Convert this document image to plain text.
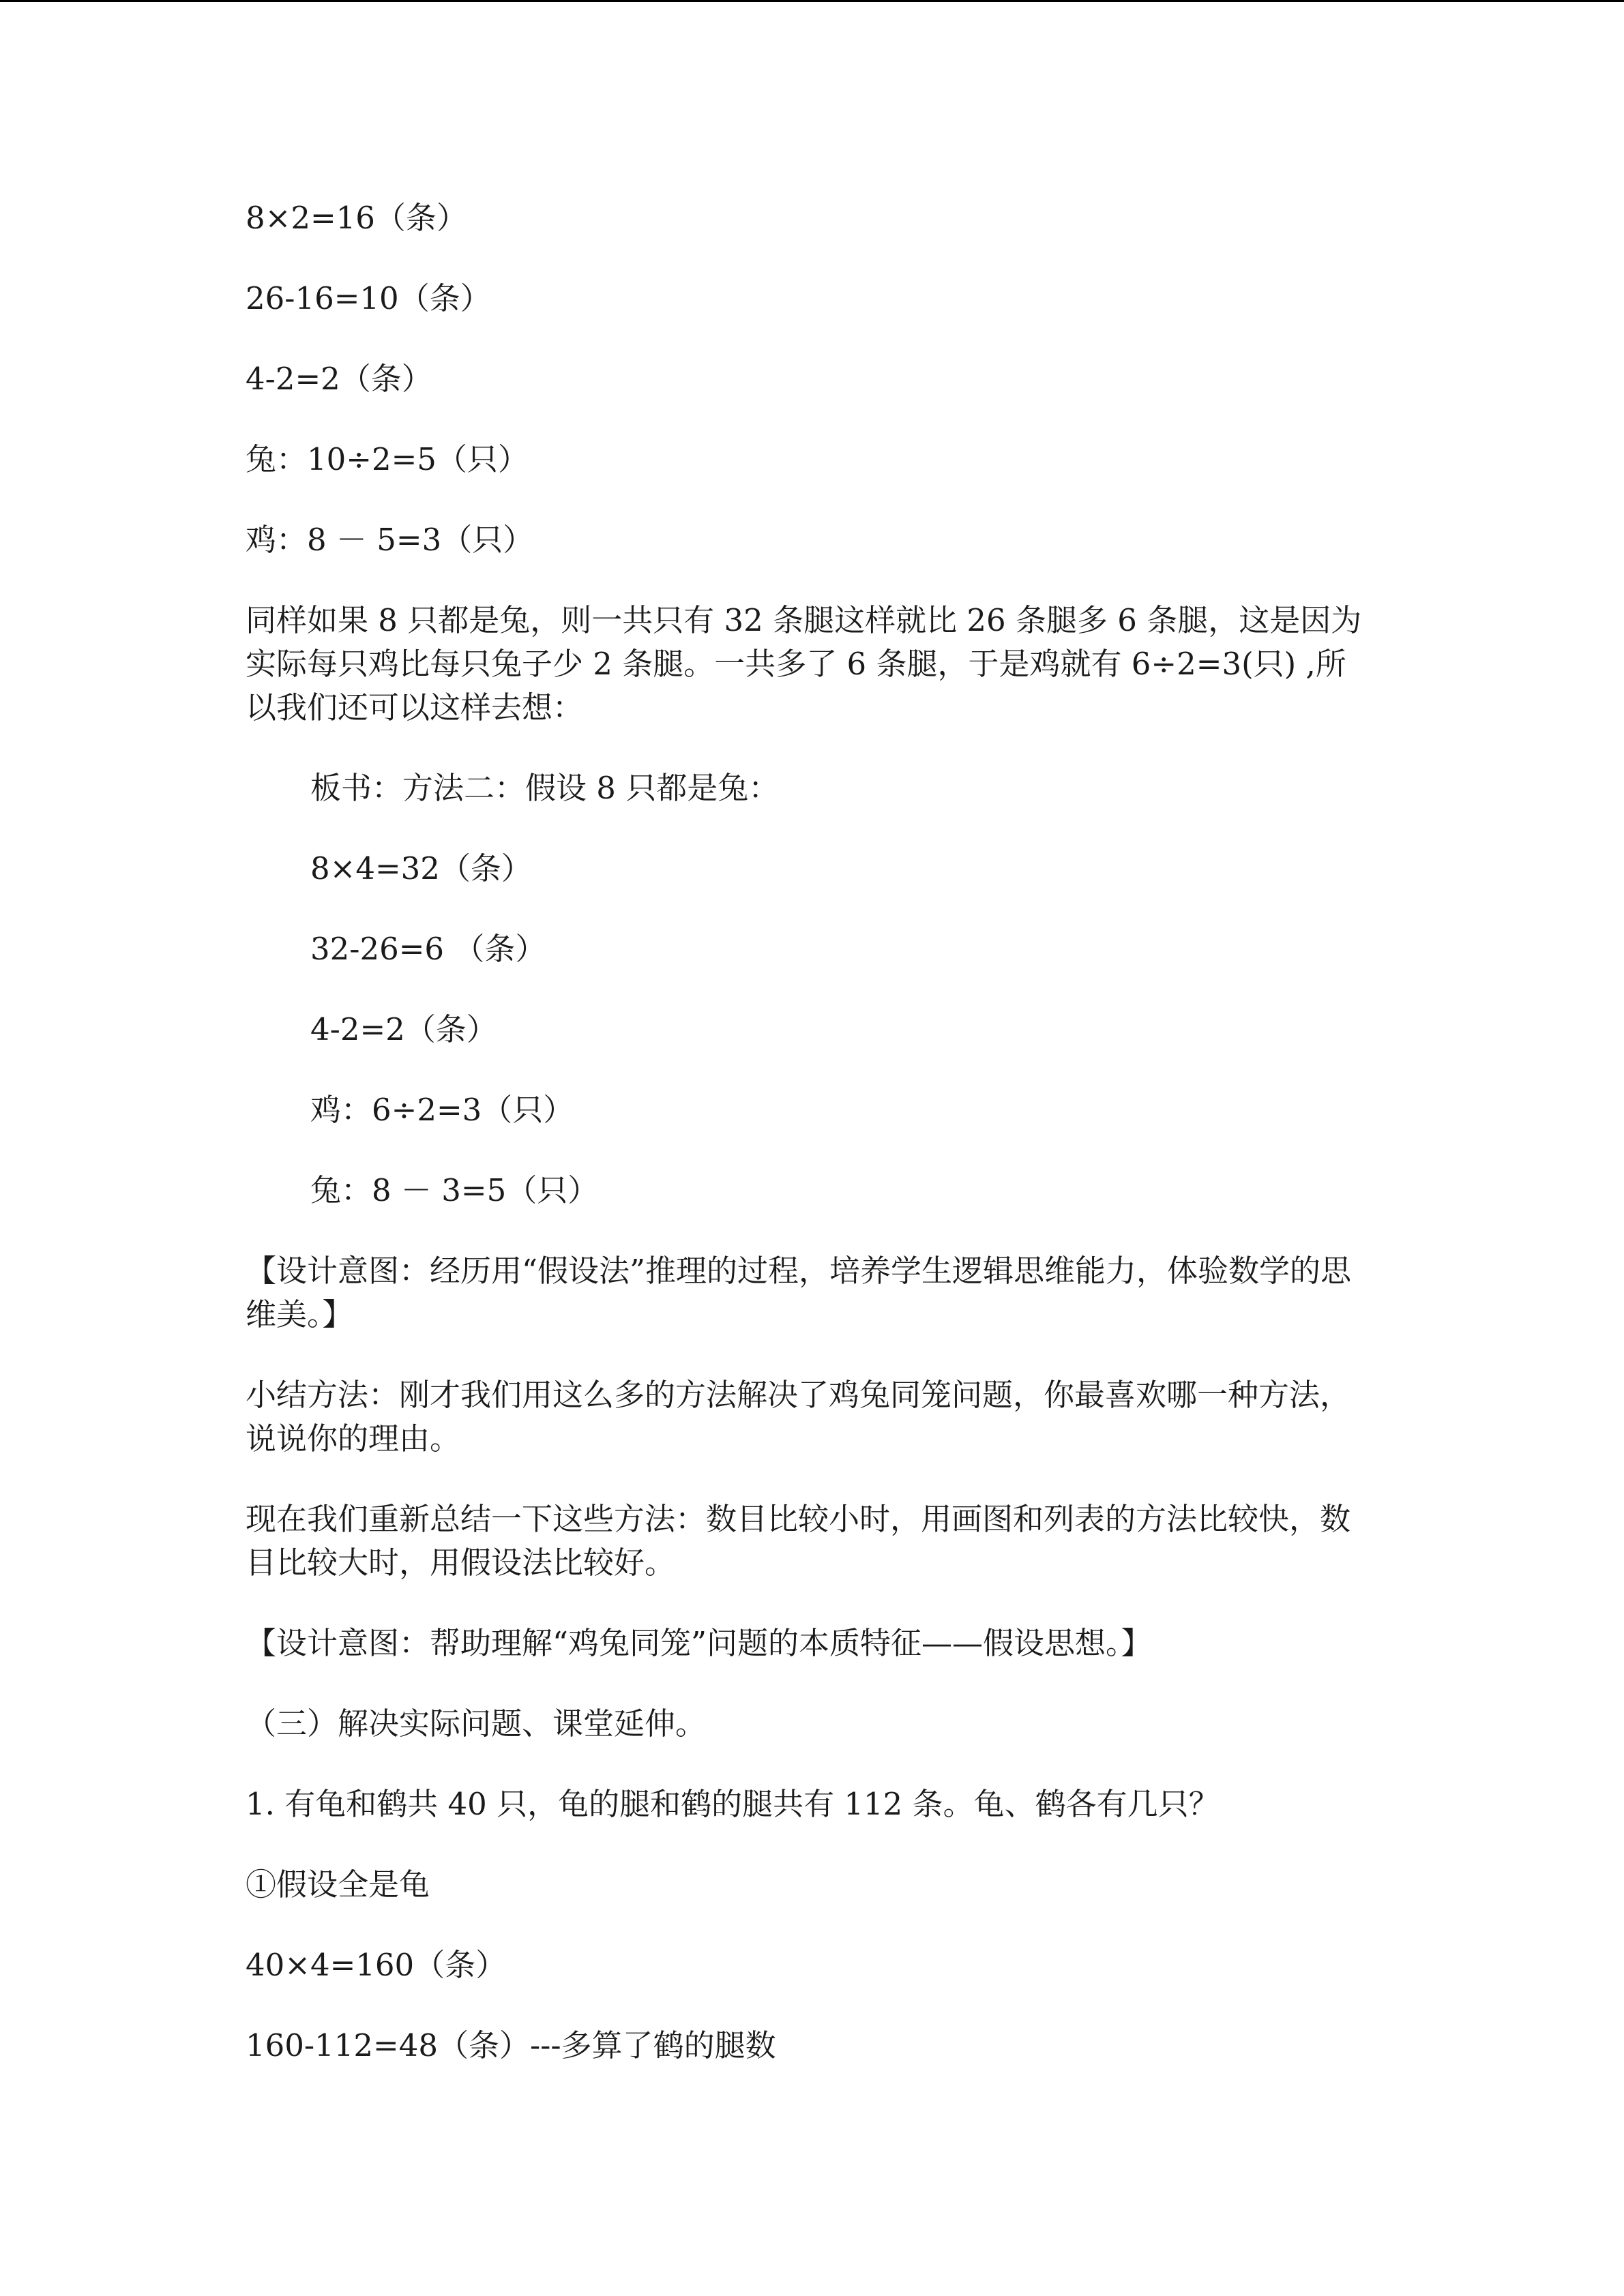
8×2=16（条）

26-16=10（条）

4-2=2（条）

兔：10÷2=5（只）

鸡：8 － 5=3（只）

同样如果 8 只都是兔，则一共只有 32 条腿这样就比 26 条腿多 6 条腿，这是因为实际每只鸡比每只兔子少 2 条腿。一共多了 6 条腿，于是鸡就有 6÷2=3(只) ,所以我们还可以这样去想：

板书：方法二：假设 8 只都是兔：

8×4=32（条）

32-26=6 （条）

4-2=2（条）

鸡：6÷2=3（只）

兔：8 － 3=5（只）

【设计意图：经历用“假设法”推理的过程，培养学生逻辑思维能力，体验数学的思维美。】

小结方法：刚才我们用这么多的方法解决了鸡兔同笼问题，你最喜欢哪一种方法，说说你的理由。

现在我们重新总结一下这些方法：数目比较小时，用画图和列表的方法比较快，数目比较大时，用假设法比较好。

【设计意图：帮助理解“鸡兔同笼”问题的本质特征——假设思想。】

（三）解决实际问题、课堂延伸。

1. 有龟和鹤共 40 只，龟的腿和鹤的腿共有 112 条。龟、鹤各有几只？

①假设全是龟

40×4=160（条）

160-112=48（条）---多算了鹤的腿数
